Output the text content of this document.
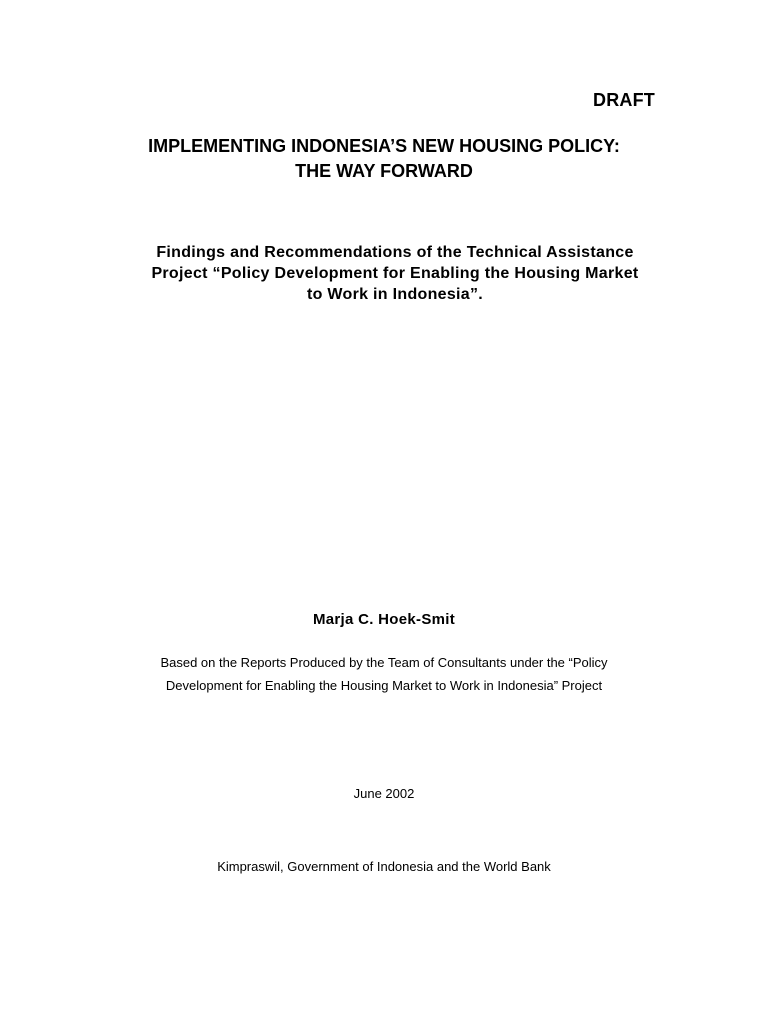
DRAFT
IMPLEMENTING INDONESIA’S NEW HOUSING POLICY:
THE WAY FORWARD
Findings and Recommendations of the Technical Assistance
Project “Policy Development for Enabling the Housing Market
to Work in Indonesia”.
Marja C. Hoek-Smit
Based on the Reports Produced by the Team of Consultants under the “Policy
Development for Enabling the Housing Market to Work in Indonesia” Project
June 2002
Kimpraswil, Government of Indonesia and the World Bank
